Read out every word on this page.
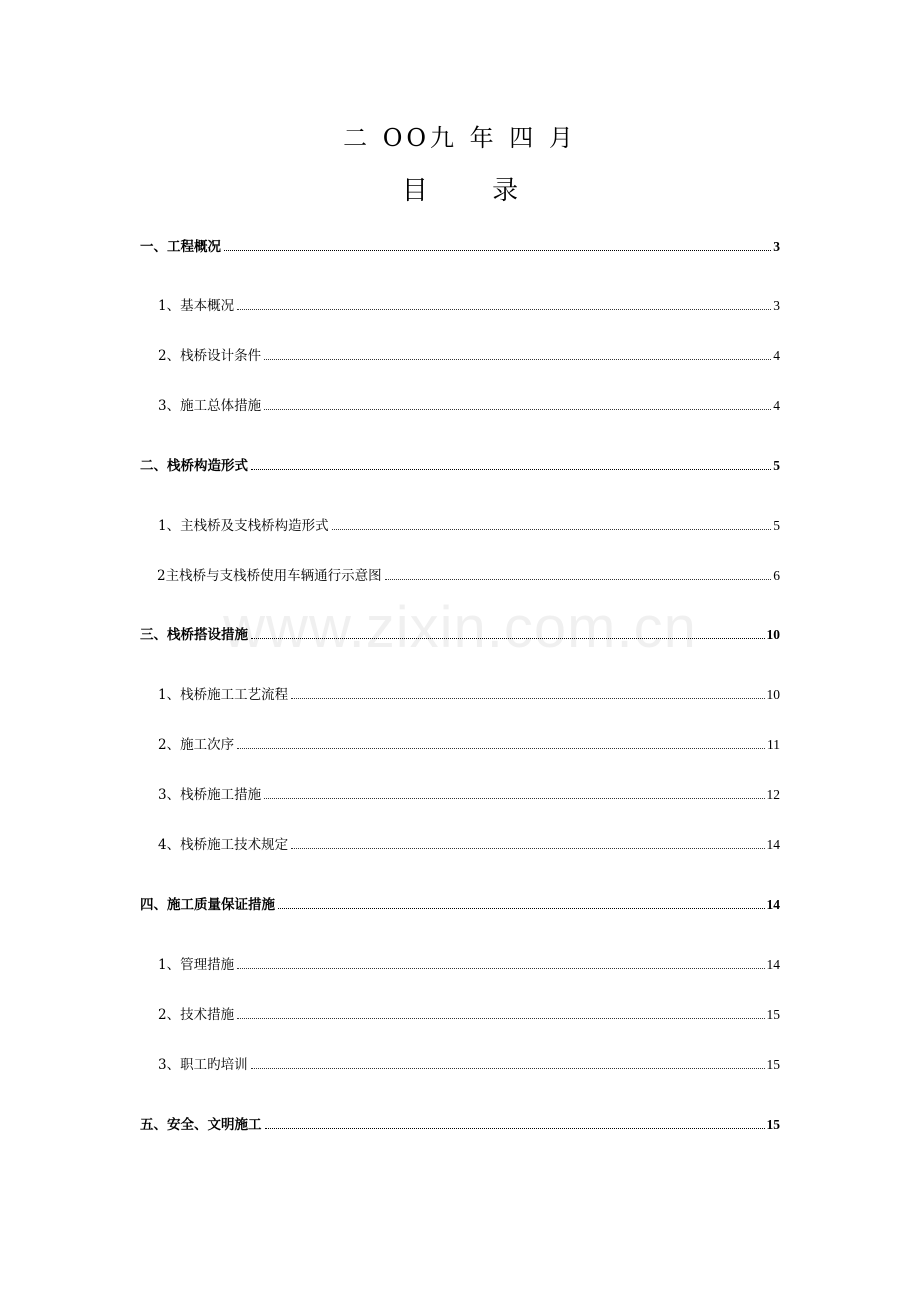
二 OO九 年 四 月
目 录
www.zixin.com.cn
一、工程概况	3
1、基本概况	3
2、栈桥设计条件	4
3、施工总体措施	4
二、栈桥构造形式	5
1、主栈桥及支栈桥构造形式	5
2主栈桥与支栈桥使用车辆通行示意图	6
三、栈桥搭设措施	10
1、栈桥施工工艺流程	10
2、施工次序	11
3、栈桥施工措施	12
4、栈桥施工技术规定	14
四、施工质量保证措施	14
1、管理措施	14
2、技术措施	15
3、职工旳培训	15
五、安全、文明施工	15
